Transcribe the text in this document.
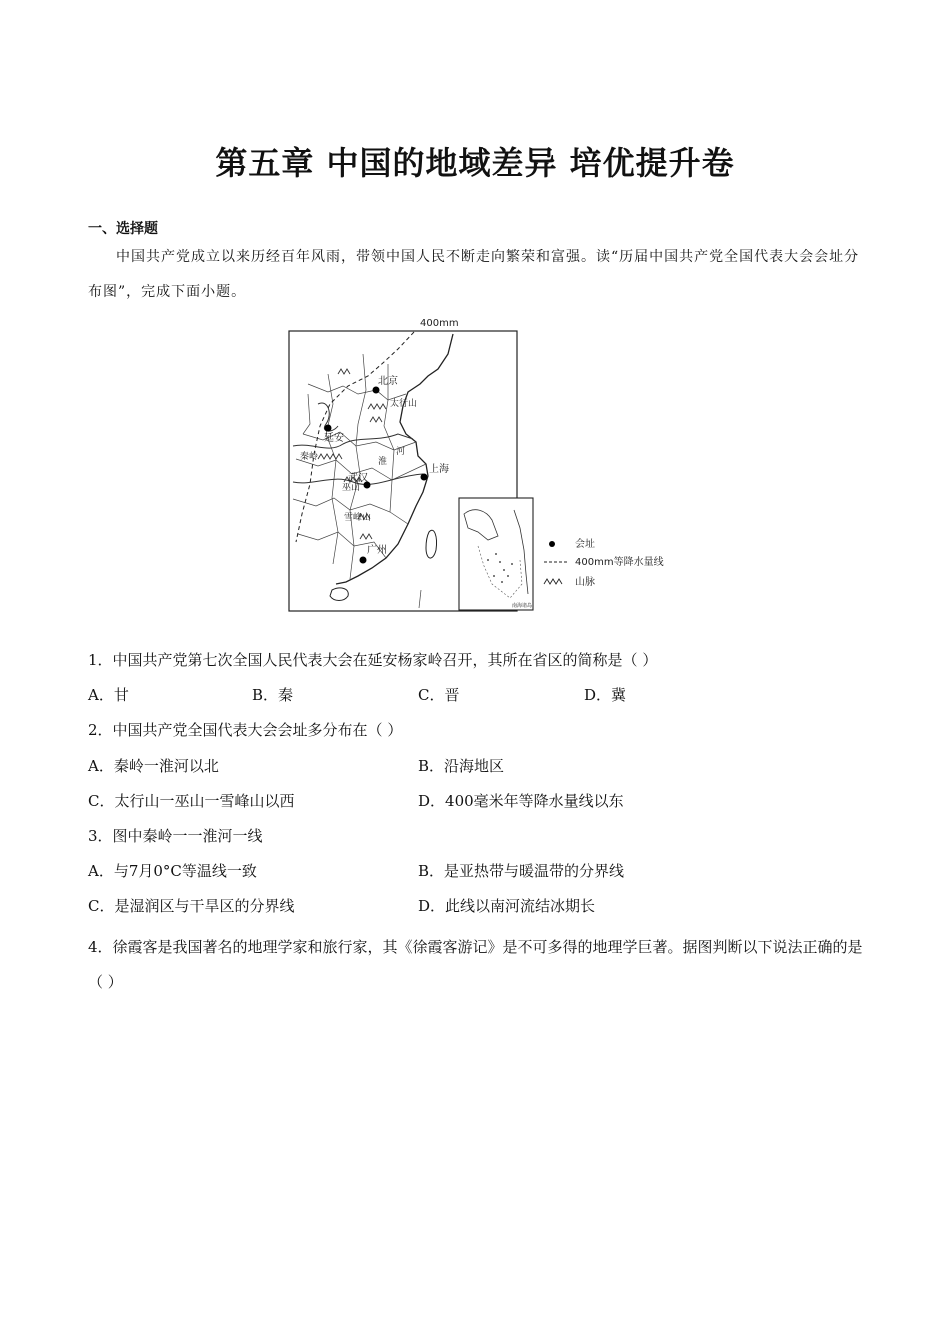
第五章 中国的地域差异 培优提升卷
一、选择题
中国共产党成立以来历经百年风雨，带领中国人民不断走向繁荣和富强。读“历届中国共产党全国代表大会会址分布图”，完成下面小题。
400mm
北京
延安
上海
武汉
广州
太行山
秦岭
巫山
雪峰山
河
淮
南海诸岛
会址
400mm等降水量线
山脉
1．中国共产党第七次全国人民代表大会在延安杨家岭召开，其所在省区的简称是（ ）
A．甘	B．秦	C．晋	D．冀
2．中国共产党全国代表大会会址多分布在（ ）
A．秦岭一淮河以北	B．沿海地区
C．太行山一巫山一雪峰山以西	D．400毫米年等降水量线以东
3．图中秦岭一一淮河一线
A．与7月0°C等温线一致	B．是亚热带与暖温带的分界线
C．是湿润区与干旱区的分界线	D．此线以南河流结冰期长
4．徐霞客是我国著名的地理学家和旅行家，其《徐霞客游记》是不可多得的地理学巨著。据图判断以下说法正确的是（ ）
